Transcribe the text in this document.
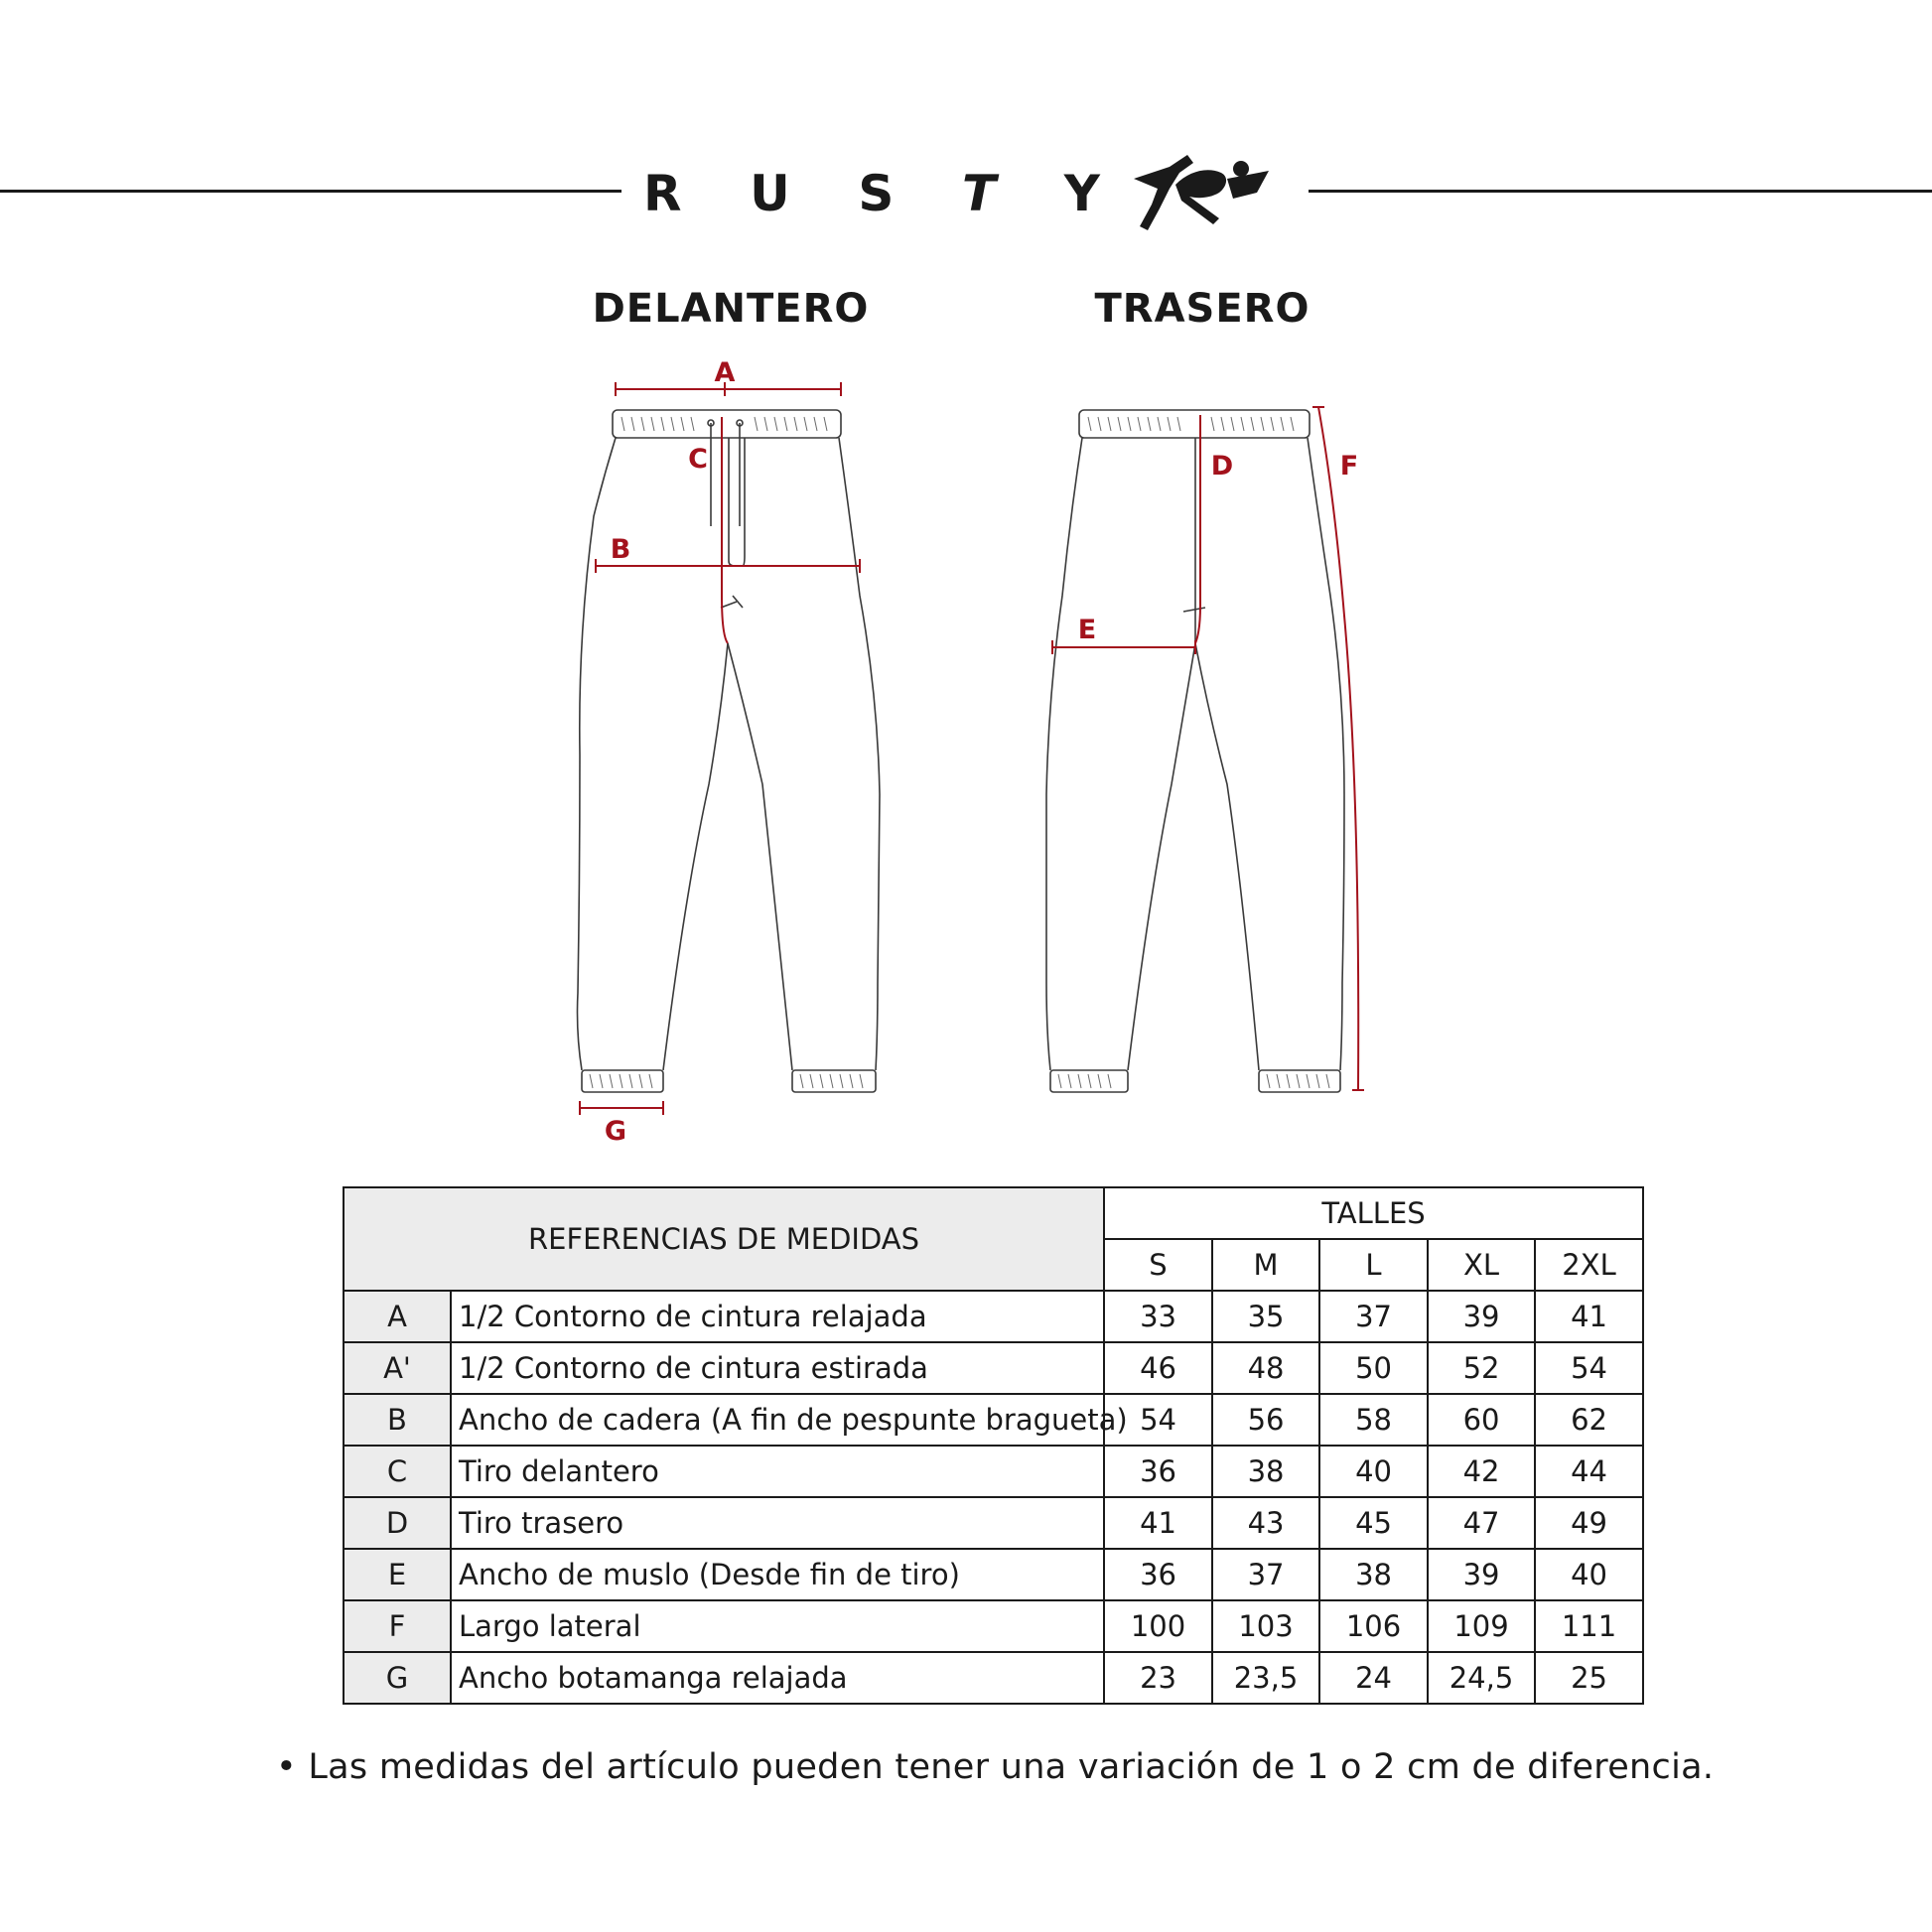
R U S T Y
DELANTERO	TRASERO
A
C
B
D	F
E
G
REFERENCIAS DE MEDIDAS		TALLES				
		S	M	L	XL	2XL
A	1/2 Contorno de cintura relajada	33	35	37	39	41
A'	1/2 Contorno de cintura estirada	46	48	50	52	54
B	Ancho de cadera (A fin de pespunte bragueta)	54	56	58	60	62
C	Tiro delantero	36	38	40	42	44
D	Tiro trasero	41	43	45	47	49
E	Ancho de muslo (Desde fin de tiro)	36	37	38	39	40
F	Largo lateral	100	103	106	109	111
G	Ancho botamanga relajada	23	23,5	24	24,5	25
• Las medidas del artículo pueden tener una variación de 1 o 2 cm de diferencia.
